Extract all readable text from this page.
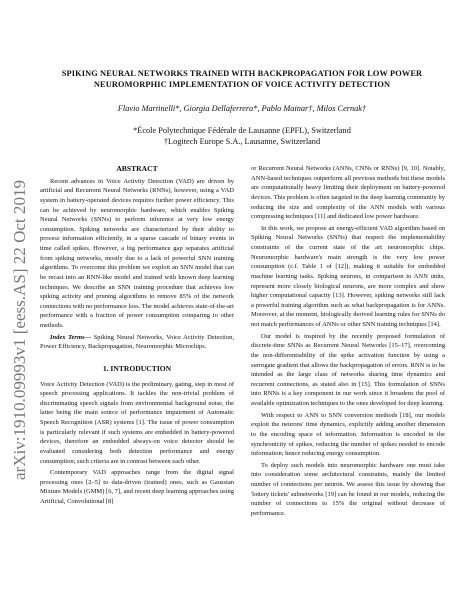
arXiv:1910.09993v1 [eess.AS] 22 Oct 2019
SPIKING NEURAL NETWORKS TRAINED WITH BACKPROPAGATION FOR LOW POWER
NEUROMORPHIC IMPLEMENTATION OF VOICE ACTIVITY DETECTION
Flavio Martinelli*, Giorgia Dellaferrera*, Pablo Mainar†, Milos Cernak†
*École Polytechnique Fédérale de Lausanne (EPFL), Switzerland
†Logitech Europe S.A., Lausanne, Switzerland
ABSTRACT

Recent advances in Voice Activity Detection (VAD) are driven by artificial and Recurrent Neural Networks (RNNs), however, using a VAD system in battery-operated devices requires further power efficiency. This can be achieved by neuromorphic hardware, which enables Spiking Neural Networks (SNNs) to perform inference at very low energy consumption. Spiking networks are characterized by their ability to process information efficiently, in a sparse cascade of binary events in time called spikes. However, a big performance gap separates artificial from spiking networks, mostly due to a lack of powerful SNN training algorithms. To overcome this problem we exploit an SNN model that can be recast into an RNN-like model and trained with known deep learning techniques. We describe an SNN training procedure that achieves low spiking activity and pruning algorithms to remove 85% of the network connections with no performance loss. The model achieves state-of-the-art performance with a fraction of power consumption comparing to other methods.

Index Terms— Spiking Neural Networks, Voice Activity Detection, Power Efficiency, Backpropagation, Neuromorphic Microchips.

1. INTRODUCTION

Voice Activity Detection (VAD) is the preliminary, gating, step in most of speech processing applications. It tackles the non-trivial problem of discriminating speech signals from environmental background noise, the latter being the main source of performance impairment of Automatic Speech Recognition (ASR) systems [1]. The issue of power consumption is particularly relevant if such systems are embedded in battery-powered devices, therefore an embedded always-on voice detector should be evaluated considering both detection performance and energy consumption; such criteria are in contrast between each other.

Contemporary VAD approaches range from the digital signal processing ones [2–5] to data-driven (trained) ones, such as Gaussian Mixture Models (GMM) [6, 7], and recent deep learning approaches using Artificial, Convolutional [8]

or Recurrent Neural Networks (ANNs, CNNs or RNNs) [9, 10]. Notably, ANN-based techniques outperform all previous methods but these models are computationally heavy limiting their deployment on battery-powered devices. This problem is often targeted in the deep learning community by reducing the size and complexity of the ANN models with various compressing techniques [11] and dedicated low power hardware.

In this work, we propose an energy-efficient VAD algorithm based on Spiking Neural Networks (SNNs) that respect the implementability constraints of the current state of the art neuromorphic chips. Neuromorphic hardware's main strength is the very low power consumption (c.f. Table 1 of [12]), making it suitable for embedded machine learning tasks. Spiking neurons, in comparison to ANN units, represent more closely biological neurons, are more complex and show higher computational capacity [13]. However, spiking networks still lack a powerful training algorithm such as what backpropagation is for ANNs. Moreover, at the moment, biologically derived learning rules for SNNs do not match performances of ANNs or other SNN training techniques [14].

Our model is inspired by the recently proposed formulation of discrete-time SNNs as Recurrent Neural Networks [15–17], overcoming the non-differentiability of the spike activation function by using a surrogate gradient that allows the backpropagation of errors. RNN is to be intended as the large class of networks sharing time dynamics and recurrent connections, as stated also in [15]. This formulation of SNNs into RNNs is a key component in our work since it broadens the pool of available optimization techniques to the ones developed for deep learning.

With respect to ANN to SNN conversion methods [18], our models exploit the neurons' time dynamics, explicitly adding another dimension to the encoding space of information. Information is encoded in the synchronicity of spikes, reducing the number of spikes needed to encode information; hence reducing energy consumption.

To deploy such models into neuromorphic hardware one must take into consideration some architectural constraints, mainly the limited number of connections per neuron. We assess this issue by showing that 'lottery tickets' subnetworks [19] can be found in our models, reducing the number of connections to 15% the original without decrease of performance.
